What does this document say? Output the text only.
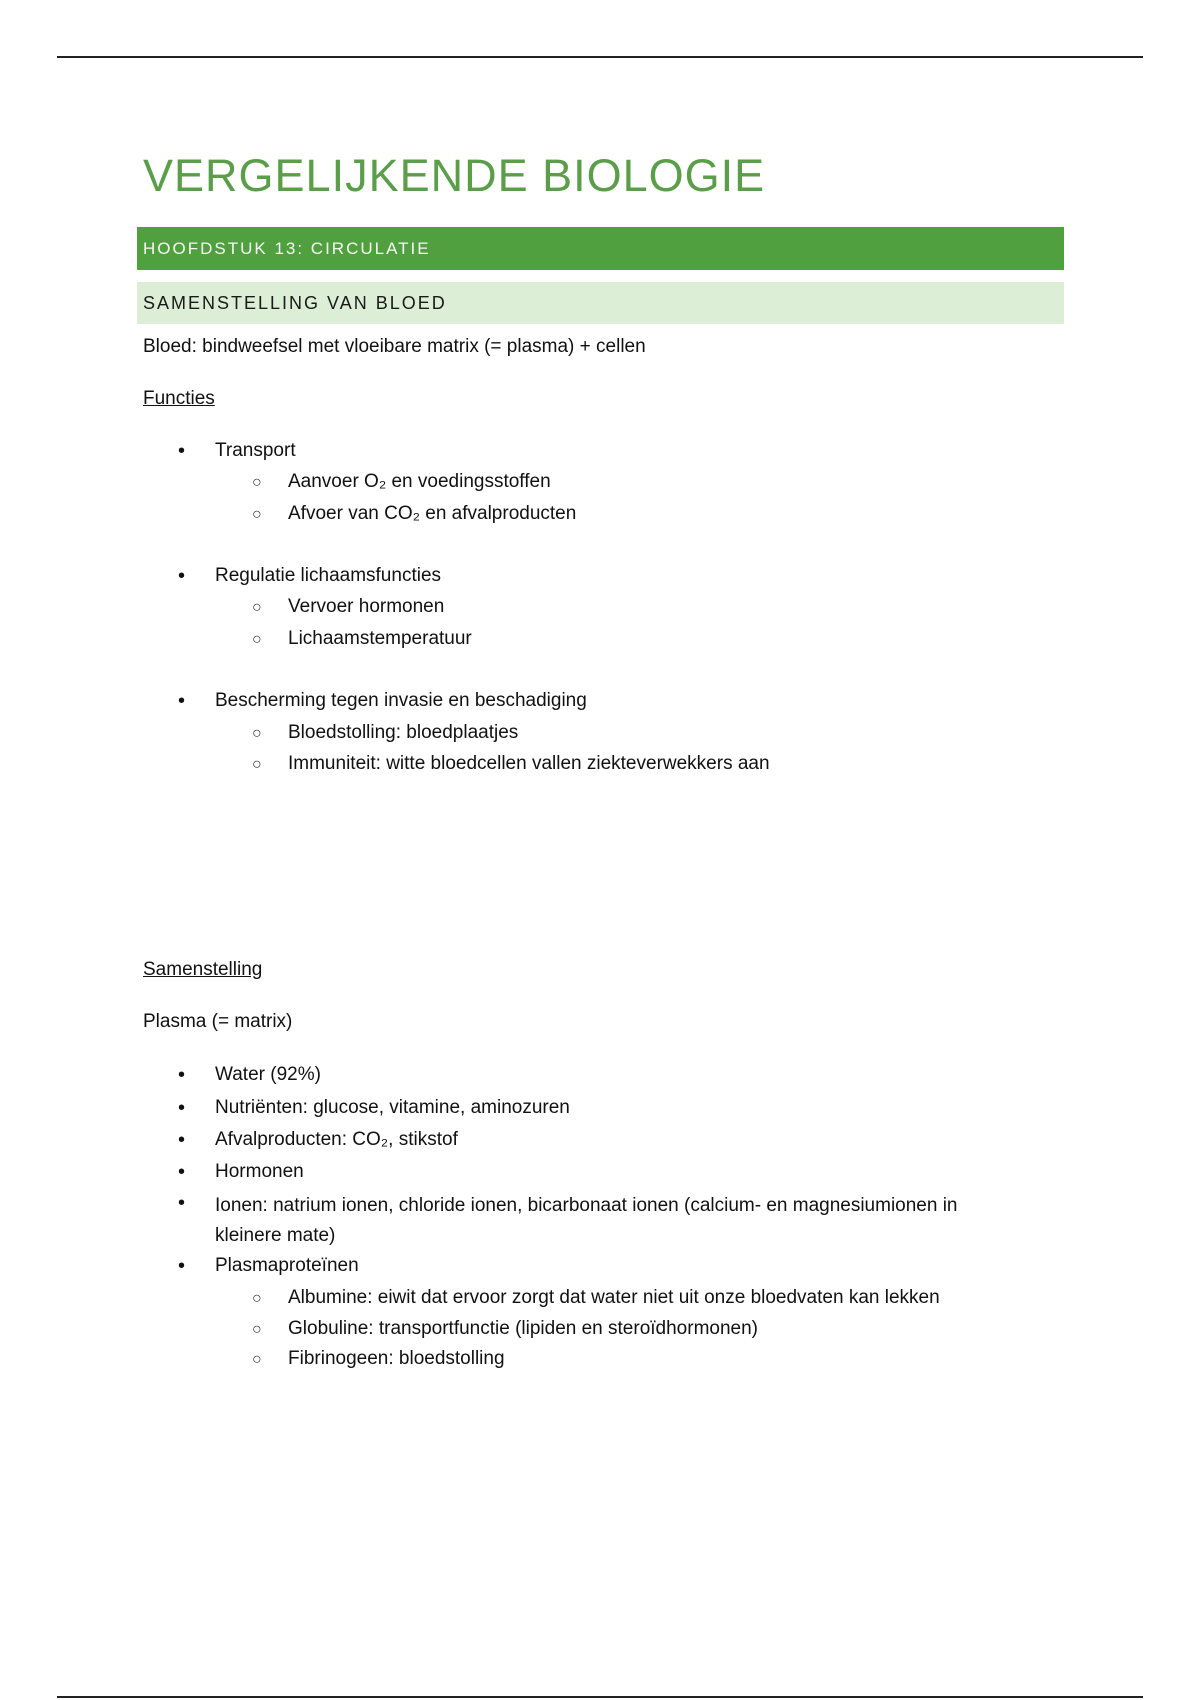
VERGELIJKENDE BIOLOGIE
HOOFDSTUK 13: CIRCULATIE
SAMENSTELLING VAN BLOED

Bloed: bindweefsel met vloeibare matrix (= plasma) + cellen

Functies

• Transport
○ Aanvoer O₂ en voedingsstoffen
○ Afvoer van CO₂ en afvalproducten
• Regulatie lichaamsfuncties
○ Vervoer hormonen
○ Lichaamstemperatuur
• Bescherming tegen invasie en beschadiging
○ Bloedstolling: bloedplaatjes
○ Immuniteit: witte bloedcellen vallen ziekteverwekkers aan

Samenstelling

Plasma (= matrix)

• Water (92%)
• Nutriënten: glucose, vitamine, aminozuren
• Afvalproducten: CO₂, stikstof
• Hormonen
• Ionen: natrium ionen, chloride ionen, bicarbonaat ionen (calcium- en magnesiumionen in kleinere mate)
• Plasmaproteïnen
○ Albumine: eiwit dat ervoor zorgt dat water niet uit onze bloedvaten kan lekken
○ Globuline: transportfunctie (lipiden en steroïdhormonen)
○ Fibrinogeen: bloedstolling
